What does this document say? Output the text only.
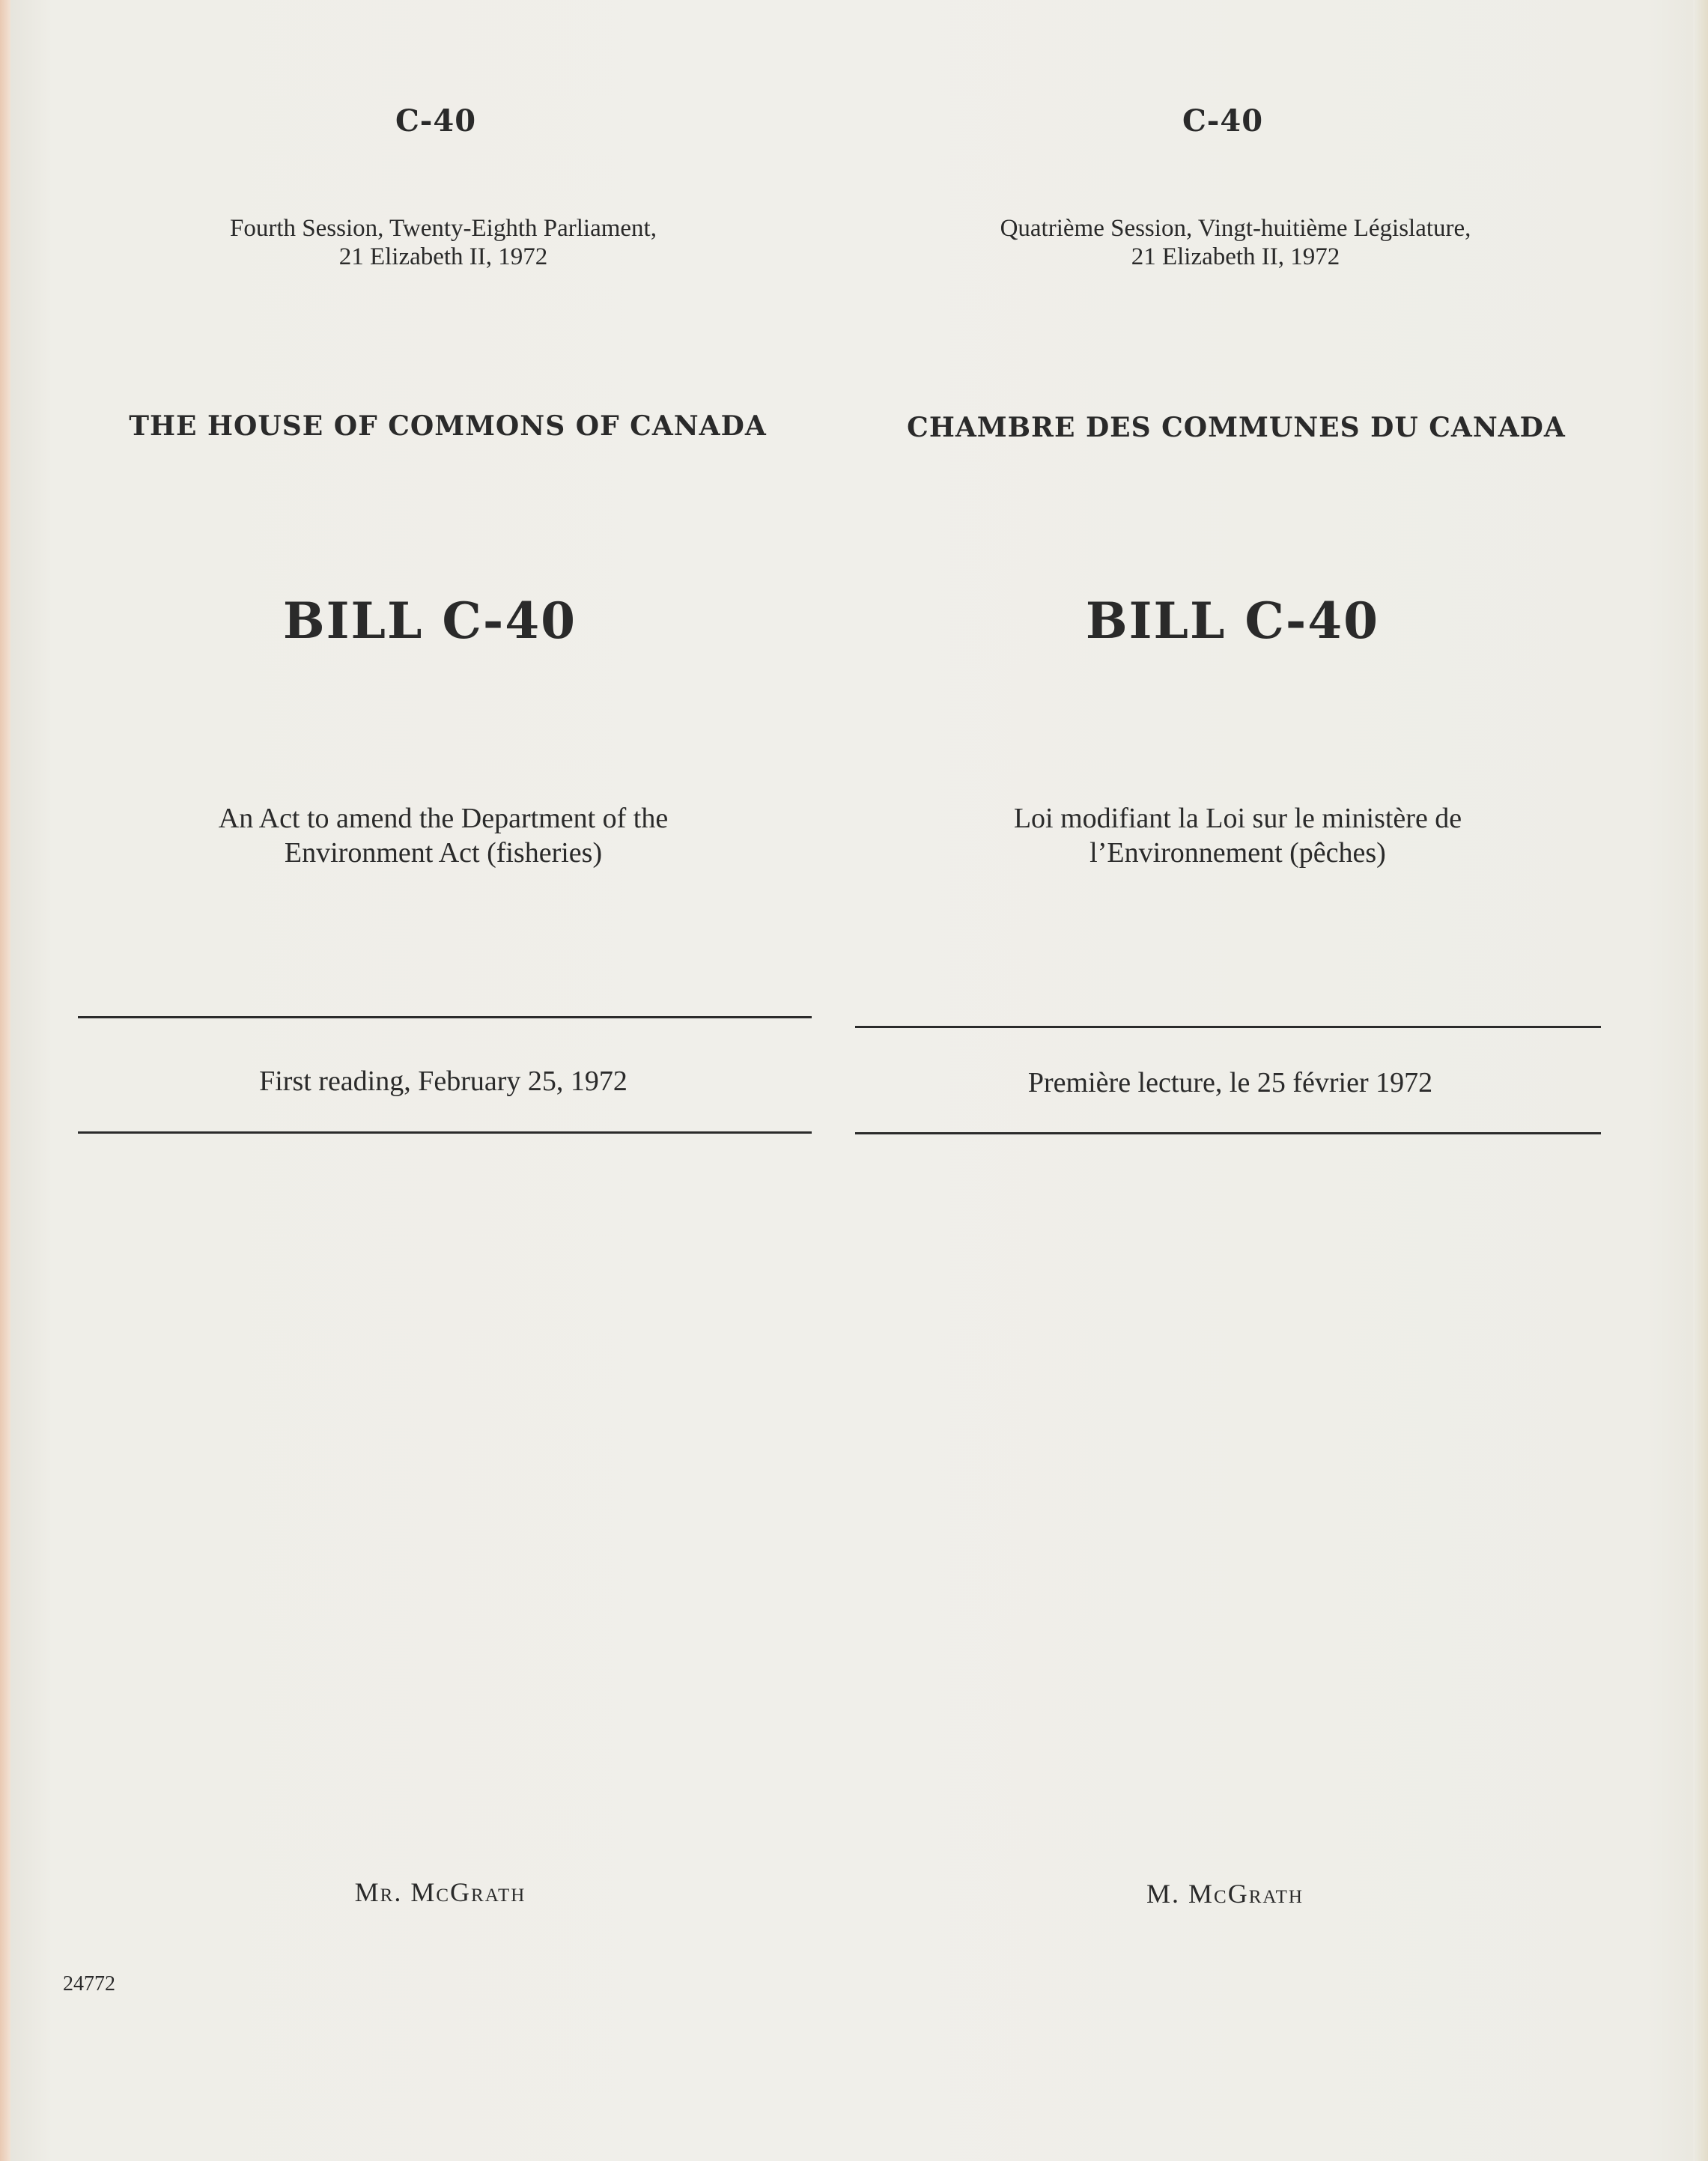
C-40
Fourth Session, Twenty-Eighth Parliament,
21 Elizabeth II, 1972
THE HOUSE OF COMMONS OF CANADA
BILL C-40
An Act to amend the Department of the
Environment Act (fisheries)
First reading, February 25, 1972
Mr. McGrath
24772
C-40
Quatrième Session, Vingt-huitième Législature,
21 Elizabeth II, 1972
CHAMBRE DES COMMUNES DU CANADA
BILL C-40
Loi modifiant la Loi sur le ministère de
l’Environnement (pêches)
Première lecture, le 25 février 1972
M. McGrath
